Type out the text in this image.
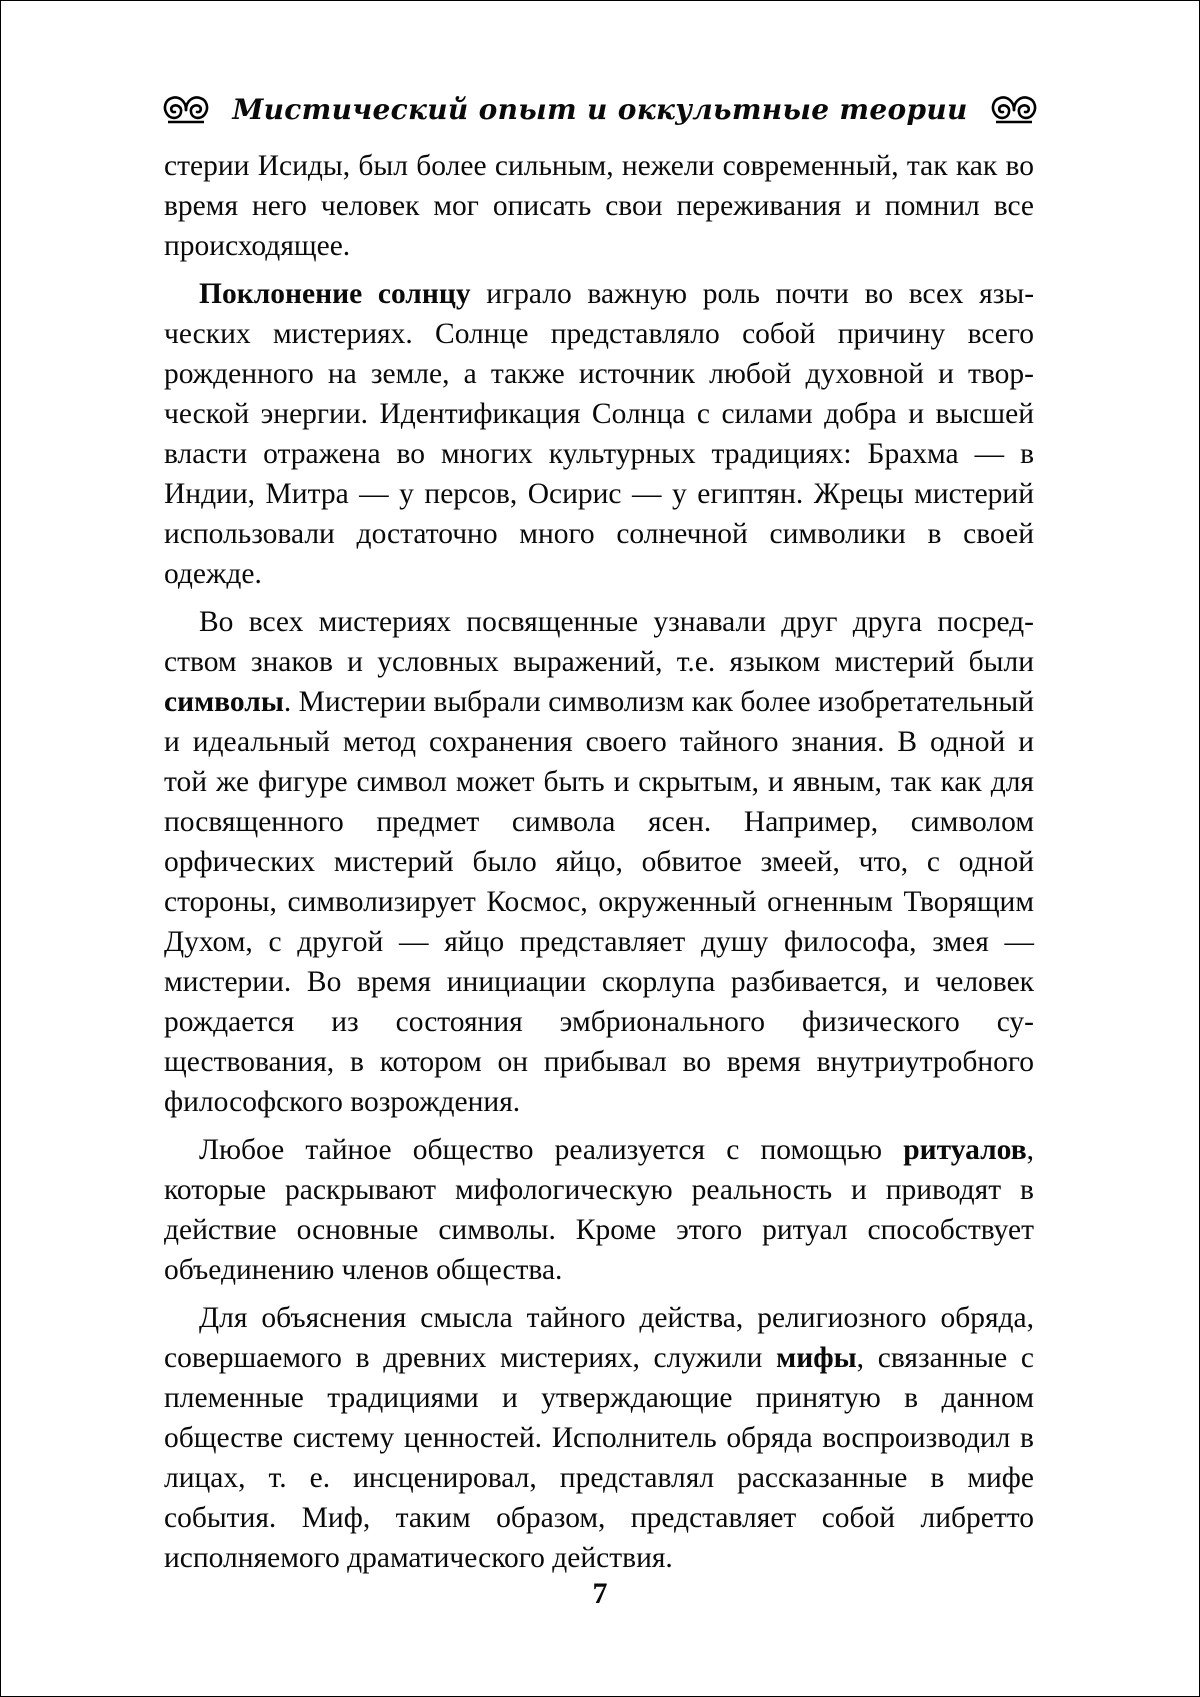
Мистический опыт и оккультные теории

стерии Исиды, был более сильным, нежели современный, так как во время него человек мог описать свои переживания и помнил все происходящее.

Поклонение солнцу играло важную роль почти во всех языческих мистериях. Солнце представляло собой причину всего рожденного на земле, а также источник любой духовной и творческой энергии. Идентификация Солнца с силами добра и высшей власти отражена во многих культурных традициях: Брахма — в Индии, Митра — у персов, Осирис — у египтян. Жрецы мистерий использовали достаточно много солнечной символики в своей одежде.

Во всех мистериях посвященные узнавали друг друга посредством знаков и условных выражений, т.е. языком мистерий были символы. Мистерии выбрали символизм как более изобретательный и идеальный метод сохранения своего тайного знания. В одной и той же фигуре символ может быть и скрытым, и явным, так как для посвященного предмет символа ясен. Например, символом орфических мистерий было яйцо, обвитое змеей, что, с одной стороны, символизирует Космос, окруженный огненным Творящим Духом, с другой — яйцо представляет душу философа, змея — мистерии. Во время инициации скорлупа разбивается, и человек рождается из состояния эмбрионального физического существования, в котором он прибывал во время внутриутробного философского возрождения.

Любое тайное общество реализуется с помощью ритуалов, которые раскрывают мифологическую реальность и приводят в действие основные символы. Кроме этого ритуал способствует объединению членов общества.

Для объяснения смысла тайного действа, религиозного обряда, совершаемого в древних мистериях, служили мифы, связанные с племенные традициями и утверждающие принятую в данном обществе систему ценностей. Исполнитель обряда воспроизводил в лицах, т. е. инсценировал, представлял рассказанные в мифе события. Миф, таким образом, представляет собой либретто исполняемого драматического действия.

7
